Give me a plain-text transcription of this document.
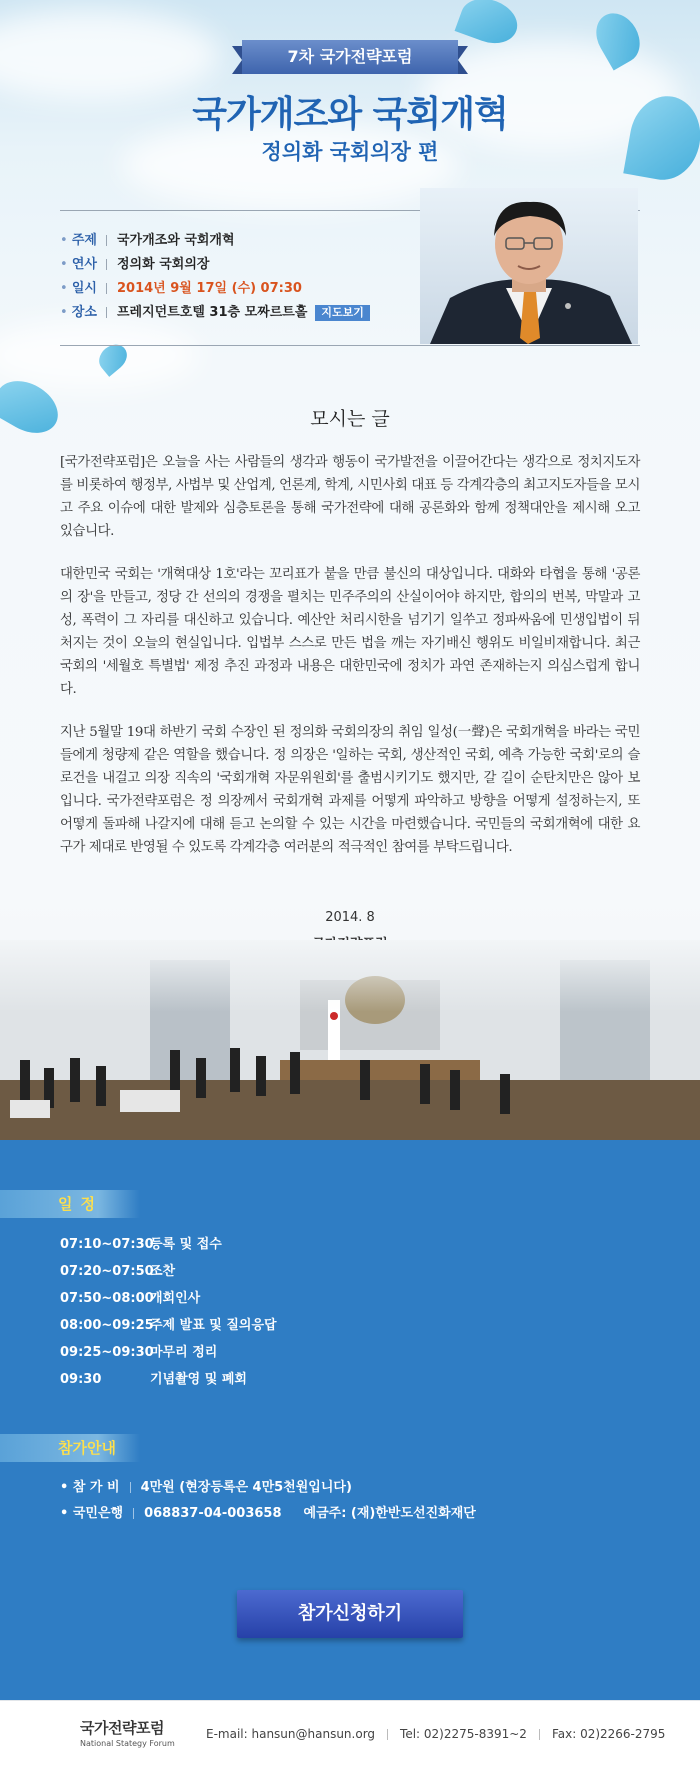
7차 국가전략포럼
국가개조와 국회개혁
정의화 국회의장 편
• 주제 국가개조와 국회개혁
• 연사 정의화 국회의장
• 일시 2014년 9월 17일 (수) 07:30
• 장소 프레지던트호텔 31층 모짜르트홀 지도보기
모시는 글

[국가전략포럼]은 오늘을 사는 사람들의 생각과 행동이 국가발전을 이끌어간다는 생각으로 정치지도자를 비롯하여 행정부, 사법부 및 산업계, 언론계, 학계, 시민사회 대표 등 각계각층의 최고지도자들을 모시고 주요 이슈에 대한 발제와 심층토론을 통해 국가전략에 대해 공론화와 함께 정책대안을 제시해 오고 있습니다.

대한민국 국회는 '개혁대상 1호'라는 꼬리표가 붙을 만큼 불신의 대상입니다. 대화와 타협을 통해 '공론의 장'을 만들고, 정당 간 선의의 경쟁을 펼치는 민주주의의 산실이어야 하지만, 합의의 번복, 막말과 고성, 폭력이 그 자리를 대신하고 있습니다. 예산안 처리시한을 넘기기 일쑤고 정파싸움에 민생입법이 뒤처지는 것이 오늘의 현실입니다. 입법부 스스로 만든 법을 깨는 자기배신 행위도 비일비재합니다. 최근 국회의 '세월호 특별법' 제정 추진 과정과 내용은 대한민국에 정치가 과연 존재하는지 의심스럽게 합니다.

지난 5월말 19대 하반기 국회 수장인 된 정의화 국회의장의 취임 일성(一聲)은 국회개혁을 바라는 국민들에게 청량제 같은 역할을 했습니다. 정 의장은 '일하는 국회, 생산적인 국회, 예측 가능한 국회'로의 슬로건을 내걸고 의장 직속의 '국회개혁 자문위원회'를 출범시키기도 했지만, 갈 길이 순탄치만은 않아 보입니다. 국가전략포럼은 정 의장께서 국회개혁 과제를 어떻게 파악하고 방향을 어떻게 설정하는지, 또 어떻게 돌파해 나갈지에 대해 듣고 논의할 수 있는 시간을 마련했습니다. 국민들의 국회개혁에 대한 요구가 제대로 반영될 수 있도록 각계각층 여러분의 적극적인 참여를 부탁드립니다.

2014. 8
일정
07:10~07:30등록 및 접수
07:20~07:50조찬
07:50~08:00개회인사
08:00~09:25주제 발표 및 질의응답
09:25~09:30마무리 정리
09:30	기념촬영 및 폐회
참가안내
• 참 가 비 4만원 (현장등록은 4만5천원입니다)
• 국민은행 068837-04-003658 예금주: (재)한반도선진화재단
참가신청하기
국가전략포럼
National Stategy Forum
E-mail: hansun@hansun.org Tel: 02)2275-8391~2 Fax: 02)2266-2795
